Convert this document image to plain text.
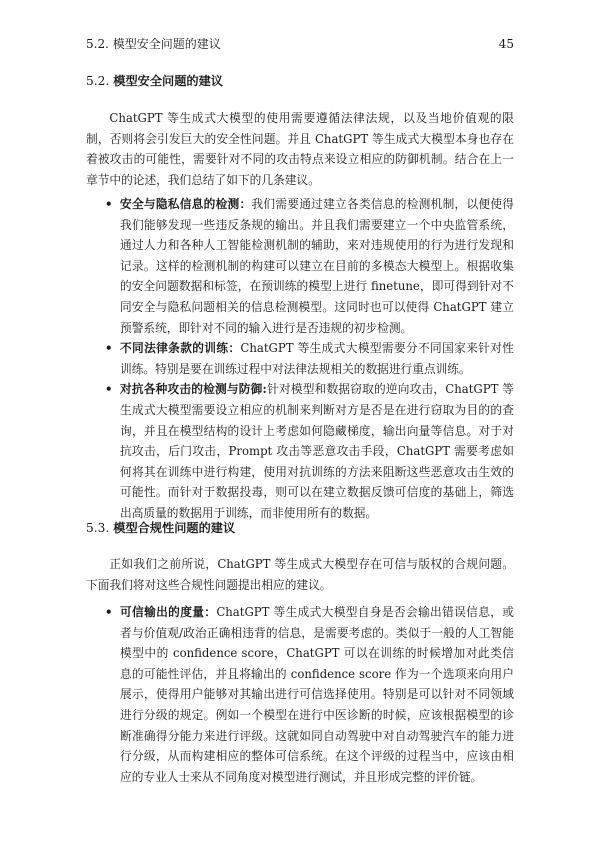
5.2. 模型安全问题的建议	45
5.2. 模型安全问题的建议

ChatGPT 等生成式大模型的使用需要遵循法律法规，以及当地价值观的限制，否则将会引发巨大的安全性问题。并且 ChatGPT 等生成式大模型本身也存在着被攻击的可能性，需要针对不同的攻击特点来设立相应的防御机制。结合在上一章节中的论述，我们总结了如下的几条建议。

• 安全与隐私信息的检测：我们需要通过建立各类信息的检测机制，以便使得我们能够发现一些违反条规的输出。并且我们需要建立一个中央监管系统，通过人力和各种人工智能检测机制的辅助，来对违规使用的行为进行发现和记录。这样的检测机制的构建可以建立在目前的多模态大模型上。根据收集的安全问题数据和标签，在预训练的模型上进行 finetune，即可得到针对不同安全与隐私问题相关的信息检测模型。这同时也可以使得 ChatGPT 建立预警系统，即针对不同的输入进行是否违规的初步检测。
• 不同法律条款的训练：ChatGPT 等生成式大模型需要分不同国家来针对性训练。特别是要在训练过程中对法律法规相关的数据进行重点训练。
• 对抗各种攻击的检测与防御:针对模型和数据窃取的逆向攻击，ChatGPT 等生成式大模型需要设立相应的机制来判断对方是否是在进行窃取为目的的查询，并且在模型结构的设计上考虑如何隐藏梯度，输出向量等信息。对于对抗攻击，后门攻击，Prompt 攻击等恶意攻击手段，ChatGPT 需要考虑如何将其在训练中进行构建，使用对抗训练的方法来阻断这些恶意攻击生效的可能性。而针对于数据投毒，则可以在建立数据反馈可信度的基础上，筛选出高质量的数据用于训练，而非使用所有的数据。
5.3. 模型合规性问题的建议

正如我们之前所说，ChatGPT 等生成式大模型存在可信与版权的合规问题。下面我们将对这些合规性问题提出相应的建议。

• 可信输出的度量：ChatGPT 等生成式大模型自身是否会输出错误信息，或者与价值观/政治正确相违背的信息，是需要考虑的。类似于一般的人工智能模型中的 confidence score，ChatGPT 可以在训练的时候增加对此类信息的可能性评估，并且将输出的 confidence score 作为一个选项来向用户展示，使得用户能够对其输出进行可信选择使用。特别是可以针对不同领域进行分级的规定。例如一个模型在进行中医诊断的时候，应该根据模型的诊断准确得分能力来进行评级。这就如同自动驾驶中对自动驾驶汽车的能力进行分级，从而构建相应的整体可信系统。在这个评级的过程当中，应该由相应的专业人士来从不同角度对模型进行测试，并且形成完整的评价链。
